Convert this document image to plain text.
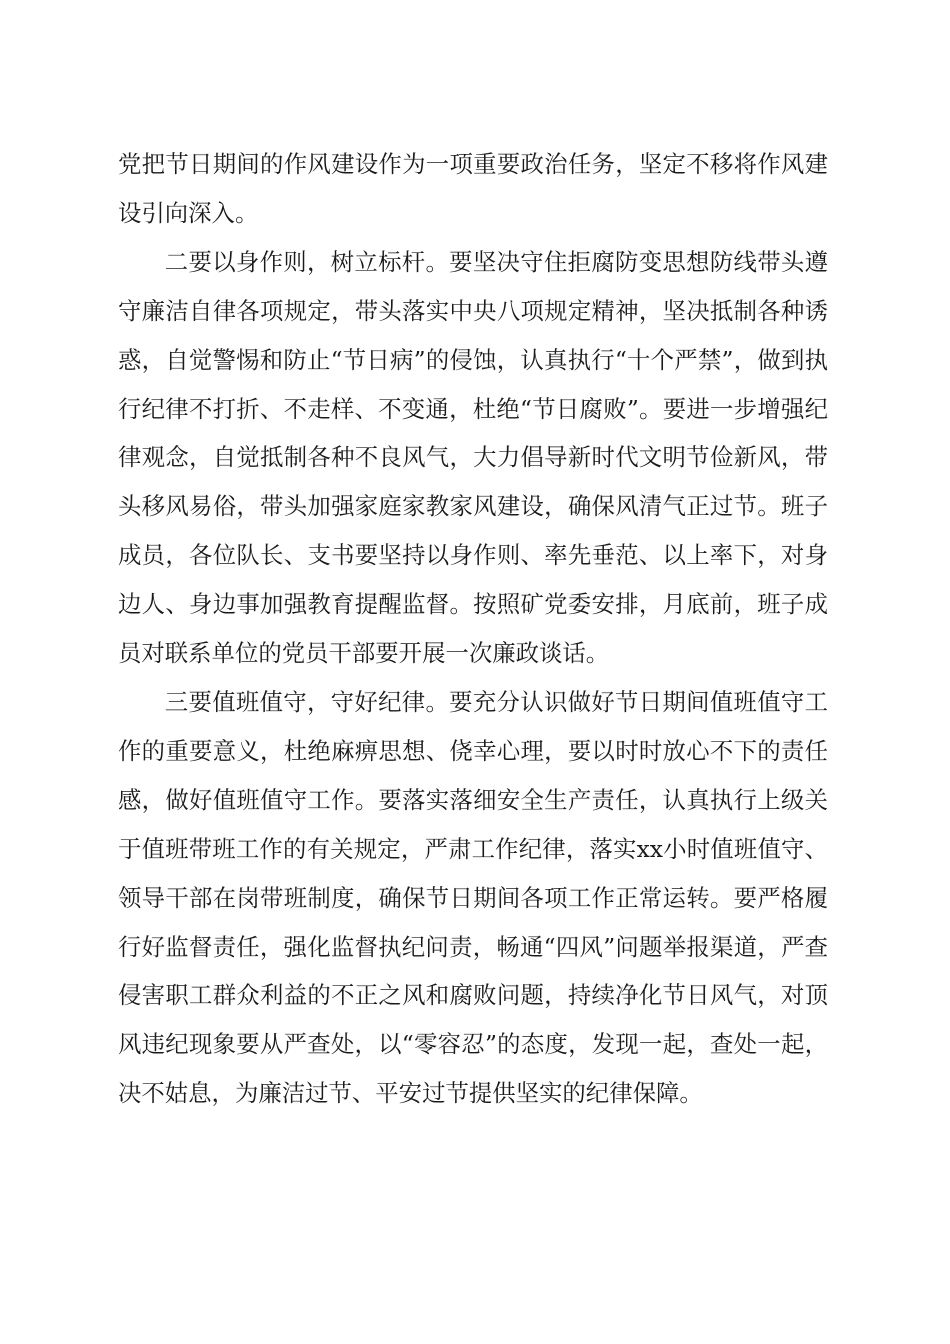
党把节日期间的作风建设作为一项重要政治任务，坚定不移将作风建设引向深入。

二要以身作则，树立标杆。要坚决守住拒腐防变思想防线带头遵守廉洁自律各项规定，带头落实中央八项规定精神，坚决抵制各种诱惑，自觉警惕和防止“节日病”的侵蚀，认真执行“十个严禁”，做到执行纪律不打折、不走样、不变通，杜绝“节日腐败”。要进一步增强纪律观念，自觉抵制各种不良风气，大力倡导新时代文明节俭新风，带头移风易俗，带头加强家庭家教家风建设，确保风清气正过节。班子成员，各位队长、支书要坚持以身作则、率先垂范、以上率下，对身边人、身边事加强教育提醒监督。按照矿党委安排，月底前，班子成员对联系单位的党员干部要开展一次廉政谈话。

三要值班值守，守好纪律。要充分认识做好节日期间值班值守工作的重要意义，杜绝麻痹思想、侥幸心理，要以时时放心不下的责任感，做好值班值守工作。要落实落细安全生产责任，认真执行上级关于值班带班工作的有关规定，严肃工作纪律，落实xx小时值班值守、领导干部在岗带班制度，确保节日期间各项工作正常运转。要严格履行好监督责任，强化监督执纪问责，畅通“四风”问题举报渠道，严查侵害职工群众利益的不正之风和腐败问题，持续净化节日风气，对顶风违纪现象要从严查处，以“零容忍”的态度，发现一起，查处一起，决不姑息，为廉洁过节、平安过节提供坚实的纪律保障。
